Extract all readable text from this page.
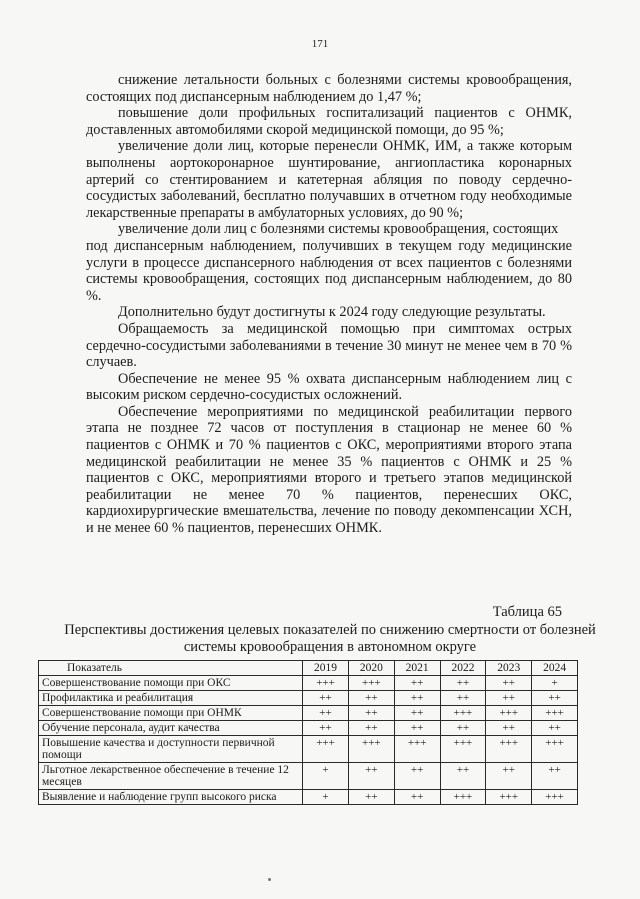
171

снижение летальности больных с болезнями системы кровообращения, состоящих под диспансерным наблюдением до 1,47 %;

повышение доли профильных госпитализаций пациентов с ОНМК, доставленных автомобилями скорой медицинской помощи, до 95 %;

увеличение доли лиц, которые перенесли ОНМК, ИМ, а также которым выполнены аортокоронарное шунтирование, ангиопластика коронарных артерий со стентированием и катетерная абляция по поводу сердечно-сосудистых заболеваний, бесплатно получавших в отчетном году необходимые лекарственные препараты в амбулаторных условиях, до 90 %;

увеличение доли лиц с болезнями системы кровообращения, состоящих

под диспансерным наблюдением, получивших в текущем году медицинские услуги в процессе диспансерного наблюдения от всех пациентов с болезнями системы кровообращения, состоящих под диспансерным наблюдением, до 80 %.

Дополнительно будут достигнуты к 2024 году следующие результаты.

Обращаемость за медицинской помощью при симптомах острых сердечно-сосудистыми заболеваниями в течение 30 минут не менее чем в 70 % случаев.

Обеспечение не менее 95 % охвата диспансерным наблюдением лиц с высоким риском сердечно-сосудистых осложнений.

Обеспечение мероприятиями по медицинской реабилитации первого этапа не позднее 72 часов от поступления в стационар не менее 60 % пациентов с ОНМК и 70 % пациентов с ОКС, мероприятиями второго этапа медицинской реабилитации не менее 35 % пациентов с ОНМК и 25 % пациентов с ОКС, мероприятиями второго и третьего этапов медицинской реабилитации не менее 70 % пациентов, перенесших ОКС, кардиохирургические вмешательства, лечение по поводу декомпенсации ХСН, и не менее 60 % пациентов, перенесших ОНМК.

Таблица 65
Перспективы достижения целевых показателей по снижению смертности от болезней системы кровообращения в автономном округе
Показатель	2019	2020	2021	2022	2023	2024
Совершенствование помощи при ОКС	+++	+++	++	++	++	+
Профилактика и реабилитация	++	++	++	++	++	++
Совершенствование помощи при ОНМК	++	++	++	+++	+++	+++
Обучение персонала, аудит качества	++	++	++	++	++	++
Повышение качества и доступности первичной помощи	+++	+++	+++	+++	+++	+++
Льготное лекарственное обеспечение в течение 12 месяцев	+	++	++	++	++	++
Выявление и наблюдение групп высокого риска	+	++	++	+++	+++	+++
